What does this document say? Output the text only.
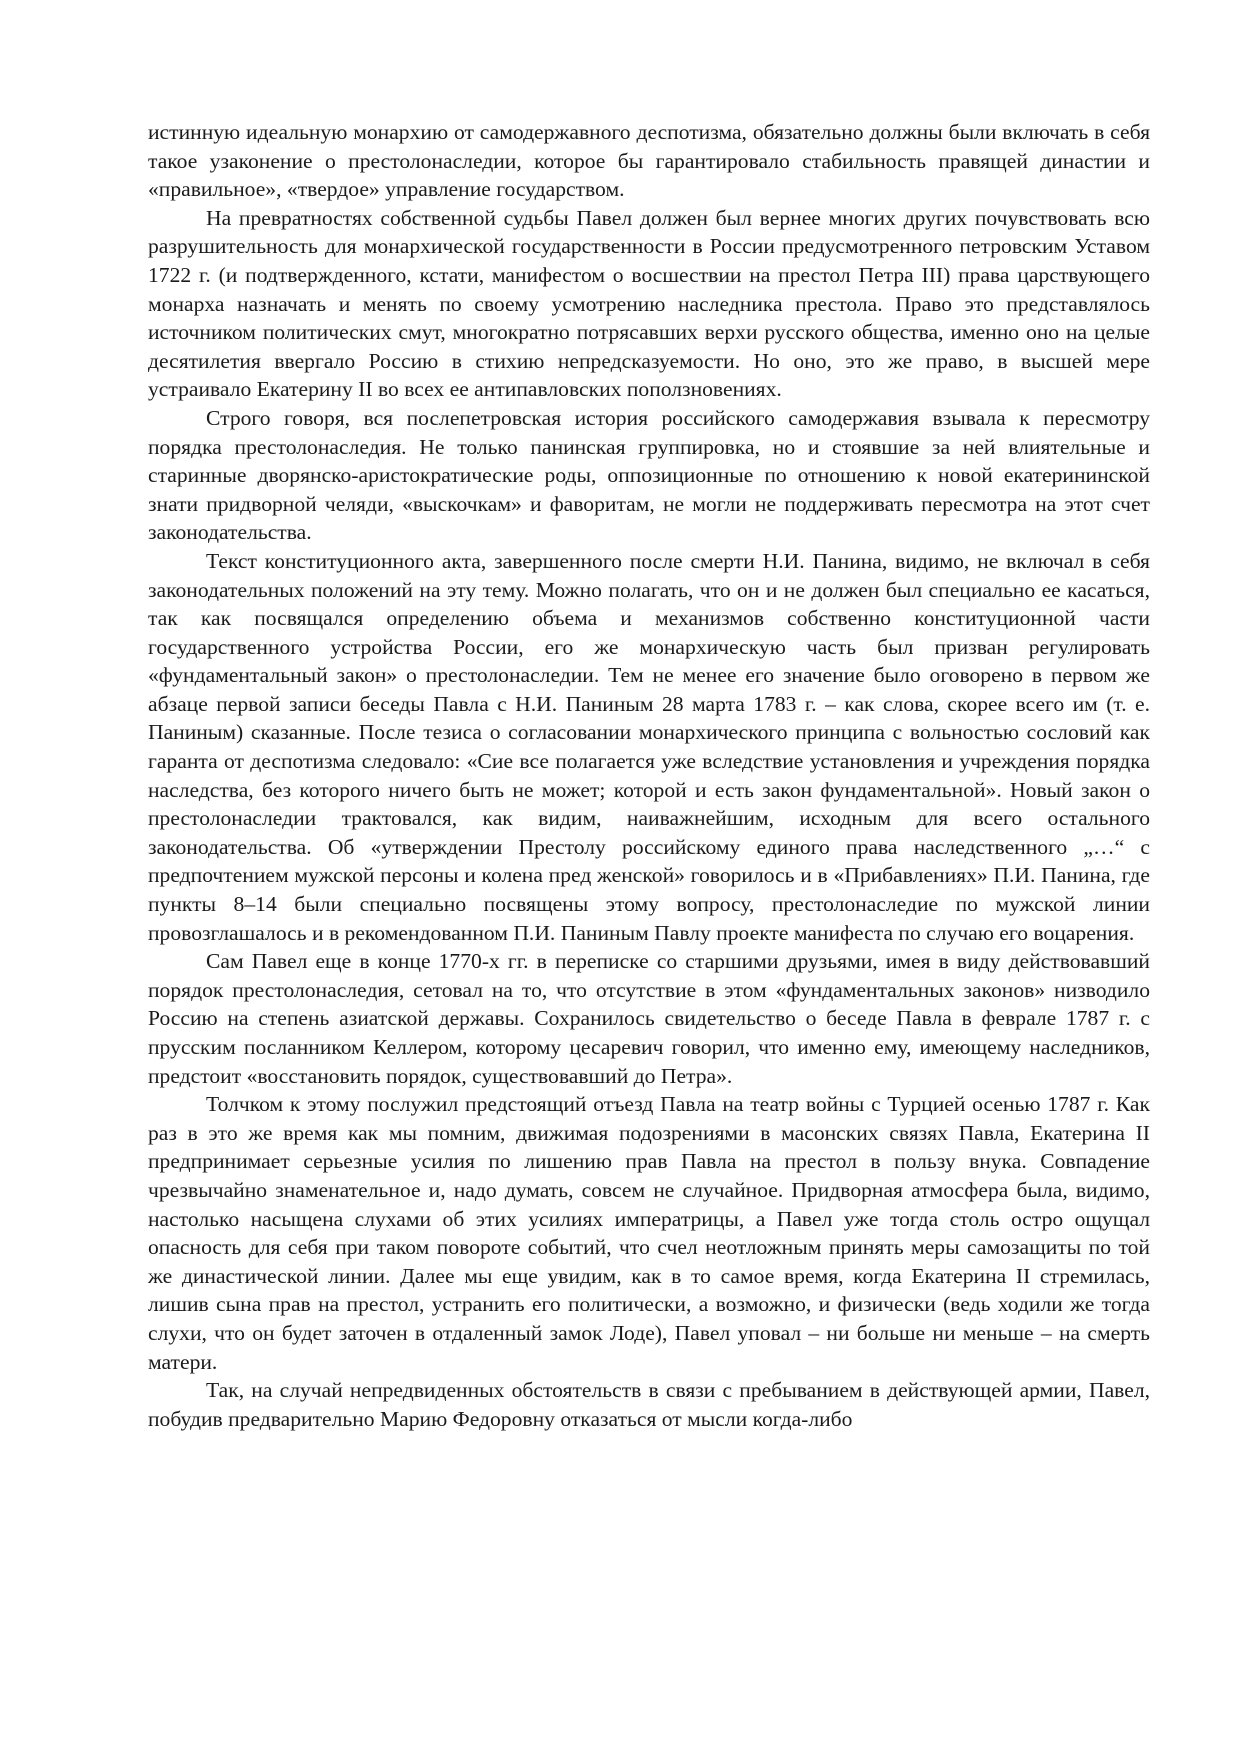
истинную идеальную монархию от самодержавного деспотизма, обязательно должны были включать в себя такое узаконение о престолонаследии, которое бы гарантировало стабильность правящей династии и «правильное», «твердое» управление государством.

На превратностях собственной судьбы Павел должен был вернее многих других почувствовать всю разрушительность для монархической государственности в России предусмотренного петровским Уставом 1722 г. (и подтвержденного, кстати, манифестом о восшествии на престол Петра III) права царствующего монарха назначать и менять по своему усмотрению наследника престола. Право это представлялось источником политических смут, многократно потрясавших верхи русского общества, именно оно на целые десятилетия ввергало Россию в стихию непредсказуемости. Но оно, это же право, в высшей мере устраивало Екатерину II во всех ее антипавловских поползновениях.

Строго говоря, вся послепетровская история российского самодержавия взывала к пересмотру порядка престолонаследия. Не только панинская группировка, но и стоявшие за ней влиятельные и старинные дворянско-аристократические роды, оппозиционные по отношению к новой екатерининской знати придворной челяди, «выскочкам» и фаворитам, не могли не поддерживать пересмотра на этот счет законодательства.

Текст конституционного акта, завершенного после смерти Н.И. Панина, видимо, не включал в себя законодательных положений на эту тему. Можно полагать, что он и не должен был специально ее касаться, так как посвящался определению объема и механизмов собственно конституционной части государственного устройства России, его же монархическую часть был призван регулировать «фундаментальный закон» о престолонаследии. Тем не менее его значение было оговорено в первом же абзаце первой записи беседы Павла с Н.И. Паниным 28 марта 1783 г. – как слова, скорее всего им (т. е. Паниным) сказанные. После тезиса о согласовании монархического принципа с вольностью сословий как гаранта от деспотизма следовало: «Сие все полагается уже вследствие установления и учреждения порядка наследства, без которого ничего быть не может; которой и есть закон фундаментальной». Новый закон о престолонаследии трактовался, как видим, наиважнейшим, исходным для всего остального законодательства. Об «утверждении Престолу российскому единого права наследственного „…“ с предпочтением мужской персоны и колена пред женской» говорилось и в «Прибавлениях» П.И. Панина, где пункты 8–14 были специально посвящены этому вопросу, престолонаследие по мужской линии провозглашалось и в рекомендованном П.И. Паниным Павлу проекте манифеста по случаю его воцарения.

Сам Павел еще в конце 1770-х гг. в переписке со старшими друзьями, имея в виду действовавший порядок престолонаследия, сетовал на то, что отсутствие в этом «фундаментальных законов» низводило Россию на степень азиатской державы. Сохранилось свидетельство о беседе Павла в феврале 1787 г. с прусским посланником Келлером, которому цесаревич говорил, что именно ему, имеющему наследников, предстоит «восстановить порядок, существовавший до Петра».

Толчком к этому послужил предстоящий отъезд Павла на театр войны с Турцией осенью 1787 г. Как раз в это же время как мы помним, движимая подозрениями в масонских связях Павла, Екатерина II предпринимает серьезные усилия по лишению прав Павла на престол в пользу внука. Совпадение чрезвычайно знаменательное и, надо думать, совсем не случайное. Придворная атмосфера была, видимо, настолько насыщена слухами об этих усилиях императрицы, а Павел уже тогда столь остро ощущал опасность для себя при таком повороте событий, что счел неотложным принять меры самозащиты по той же династической линии. Далее мы еще увидим, как в то самое время, когда Екатерина II стремилась, лишив сына прав на престол, устранить его политически, а возможно, и физически (ведь ходили же тогда слухи, что он будет заточен в отдаленный замок Лоде), Павел уповал – ни больше ни меньше – на смерть матери.

Так, на случай непредвиденных обстоятельств в связи с пребыванием в действующей армии, Павел, побудив предварительно Марию Федоровну отказаться от мысли когда-либо
